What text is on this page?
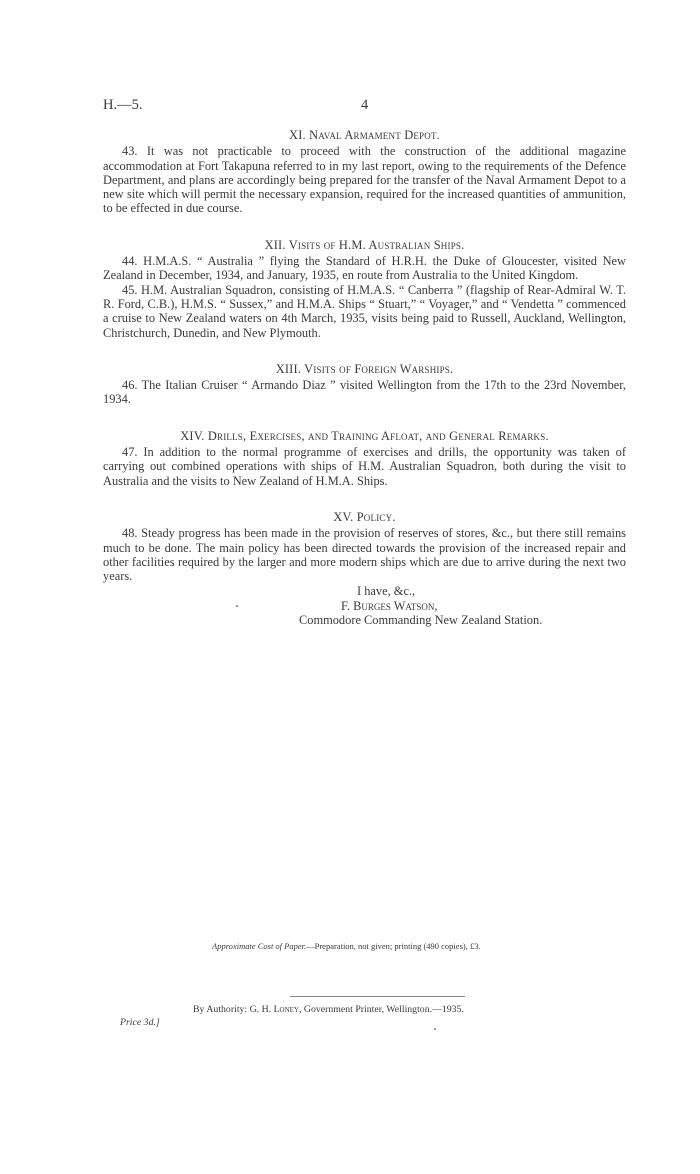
H.—5.	4
XI. Naval Armament Depot.

43. It was not practicable to proceed with the construction of the additional magazine accommodation at Fort Takapuna referred to in my last report, owing to the requirements of the Defence Department, and plans are accordingly being prepared for the transfer of the Naval Armament Depot to a new site which will permit the necessary expansion, required for the increased quantities of ammunition, to be effected in due course.

XII. Visits of H.M. Australian Ships.

44. H.M.A.S. “ Australia ” flying the Standard of H.R.H. the Duke of Gloucester, visited New Zealand in December, 1934, and January, 1935, en route from Australia to the United Kingdom.

45. H.M. Australian Squadron, consisting of H.M.A.S. “ Canberra ” (flagship of Rear-Admiral W. T. R. Ford, C.B.), H.M.S. “ Sussex,” and H.M.A. Ships “ Stuart,” “ Voyager,” and “ Vendetta ” commenced a cruise to New Zealand waters on 4th March, 1935, visits being paid to Russell, Auckland, Wellington, Christchurch, Dunedin, and New Plymouth.

XIII. Visits of Foreign Warships.

46. The Italian Cruiser “ Armando Diaz ” visited Wellington from the 17th to the 23rd November, 1934.

XIV. Drills, Exercises, and Training Afloat, and General Remarks.

47. In addition to the normal programme of exercises and drills, the opportunity was taken of carrying out combined operations with ships of H.M. Australian Squadron, both during the visit to Australia and the visits to New Zealand of H.M.A. Ships.

XV. Policy.

48. Steady progress has been made in the provision of reserves of stores, &c., but there still remains much to be done. The main policy has been directed towards the provision of the increased repair and other facilities required by the larger and more modern ships which are due to arrive during the next two years.

I have, &c.,
F. Burges Watson,
Commodore Commanding New Zealand Station.
Approximate Cost of Paper.—Preparation, not given; printing (490 copies), £3.
By Authority: G. H. Loney, Government Printer, Wellington.—1935.
Price 3d.]
